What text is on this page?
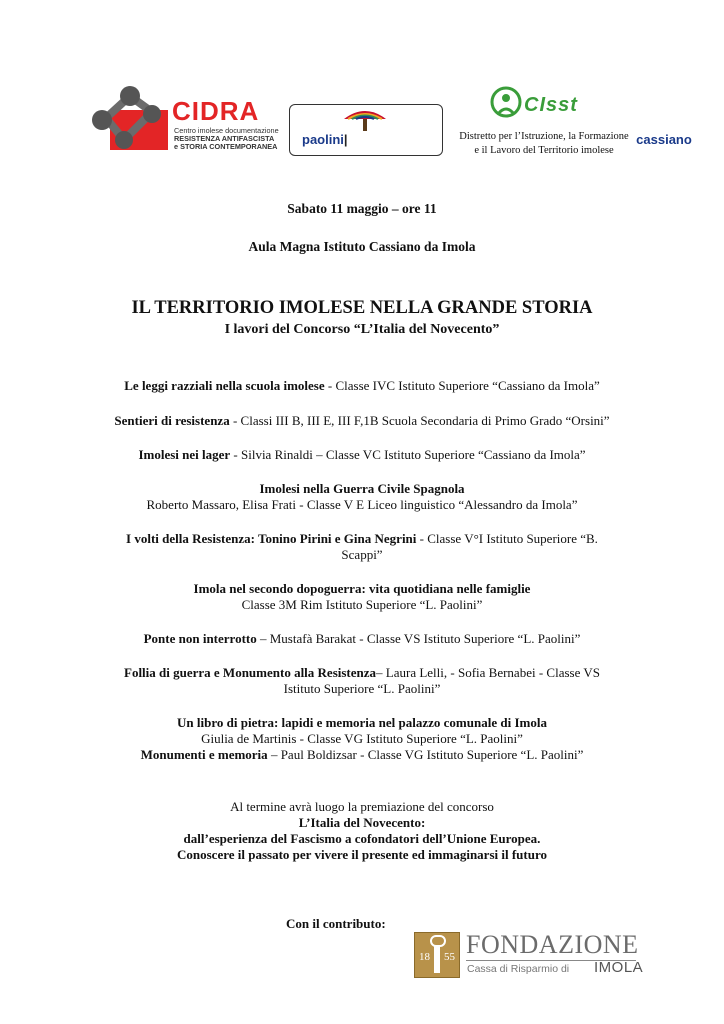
CIDRA
Centro imolese documentazione
RESISTENZA ANTIFASCISTA
e STORIA CONTEMPORANEA	paolini|	cassiano
CIsst
Distretto per l’Istruzione, la Formazione
e il Lavoro del Territorio imolese
Sabato 11 maggio – ore 11
Aula Magna Istituto Cassiano da Imola
IL TERRITORIO IMOLESE NELLA GRANDE STORIA
I lavori del Concorso “L’Italia del Novecento”
Le leggi razziali nella scuola imolese - Classe IVC Istituto Superiore “Cassiano da Imola”
Sentieri di resistenza - Classi III B, III E, III F,1B Scuola Secondaria di Primo Grado “Orsini”
Imolesi nei lager - Silvia Rinaldi – Classe VC Istituto Superiore “Cassiano da Imola”
Imolesi nella Guerra Civile Spagnola
Roberto Massaro, Elisa Frati - Classe V E Liceo linguistico “Alessandro da Imola”
I volti della Resistenza: Tonino Pirini e Gina Negrini - Classe V°I Istituto Superiore “B.
Scappi”
Imola nel secondo dopoguerra: vita quotidiana nelle famiglie
Classe 3M Rim Istituto Superiore “L. Paolini”
Ponte non interrotto – Mustafà Barakat - Classe VS Istituto Superiore “L. Paolini”
Follia di guerra e Monumento alla Resistenza– Laura Lelli, - Sofia Bernabei - Classe VS
Istituto Superiore “L. Paolini”
Un libro di pietra: lapidi e memoria nel palazzo comunale di Imola
Giulia de Martinis - Classe VG Istituto Superiore “L. Paolini”
Monumenti e memoria – Paul Boldizsar - Classe VG Istituto Superiore “L. Paolini”
Al termine avrà luogo la premiazione del concorso
L’Italia del Novecento:
dall’esperienza del Fascismo a cofondatori dell’Unione Europea.
Conoscere il passato per vivere il presente ed immaginarsi il futuro
Con il contributo:
18 55 FONDAZIONE
Cassa di Risparmio di IMOLA
